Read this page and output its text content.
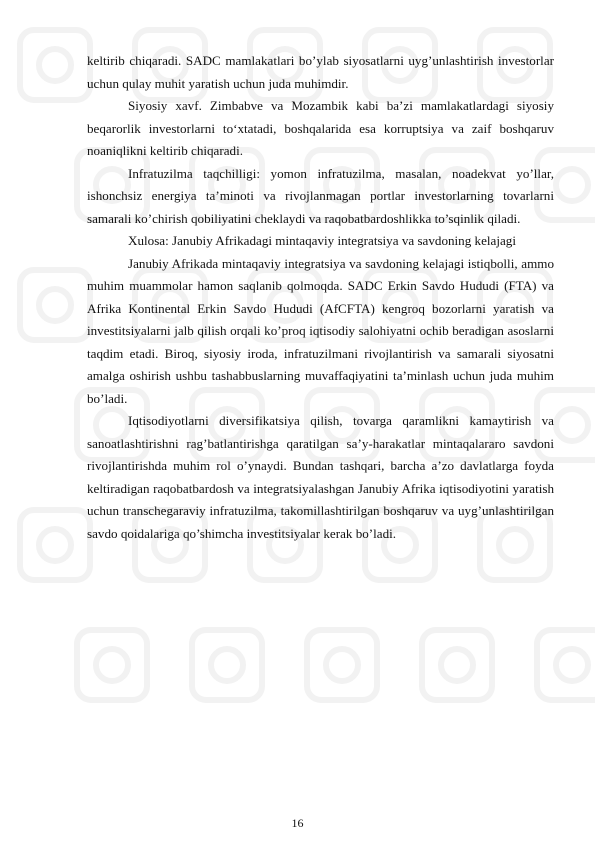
keltirib chiqaradi. SADC mamlakatlari bo’ylab siyosatlarni uyg’unlashtirish investorlar uchun qulay muhit yaratish uchun juda muhimdir.

Siyosiy xavf. Zimbabve va Mozambik kabi ba’zi mamlakatlardagi siyosiy beqarorlik investorlarni to‘xtatadi, boshqalarida esa korruptsiya va zaif boshqaruv noaniqlikni keltirib chiqaradi.

Infratuzilma taqchilligi: yomon infratuzilma, masalan, noadekvat yo’llar, ishonchsiz energiya ta’minoti va rivojlanmagan portlar investorlarning tovarlarni samarali ko’chirish qobiliyatini cheklaydi va raqobatbardoshlikka to’sqinlik qiladi.

Xulosa: Janubiy Afrikadagi mintaqaviy integratsiya va savdoning kelajagi

Janubiy Afrikada mintaqaviy integratsiya va savdoning kelajagi istiqbolli, ammo muhim muammolar hamon saqlanib qolmoqda. SADC Erkin Savdo Hududi (FTA) va Afrika Kontinental Erkin Savdo Hududi (AfCFTA) kengroq bozorlarni yaratish va investitsiyalarni jalb qilish orqali ko’proq iqtisodiy salohiyatni ochib beradigan asoslarni taqdim etadi. Biroq, siyosiy iroda, infratuzilmani rivojlantirish va samarali siyosatni amalga oshirish ushbu tashabbuslarning muvaffaqiyatini ta’minlash uchun juda muhim bo’ladi.

Iqtisodiyotlarni diversifikatsiya qilish, tovarga qaramlikni kamaytirish va sanoatlashtirishni rag’batlantirishga qaratilgan sa’y-harakatlar mintaqalararo savdoni rivojlantirishda muhim rol o’ynaydi. Bundan tashqari, barcha a’zo davlatlarga foyda keltiradigan raqobatbardosh va integratsiyalashgan Janubiy Afrika iqtisodiyotini yaratish uchun transchegaraviy infratuzilma, takomillashtirilgan boshqaruv va uyg’unlashtirilgan savdo qoidalariga qo’shimcha investitsiyalar kerak bo’ladi.

16
